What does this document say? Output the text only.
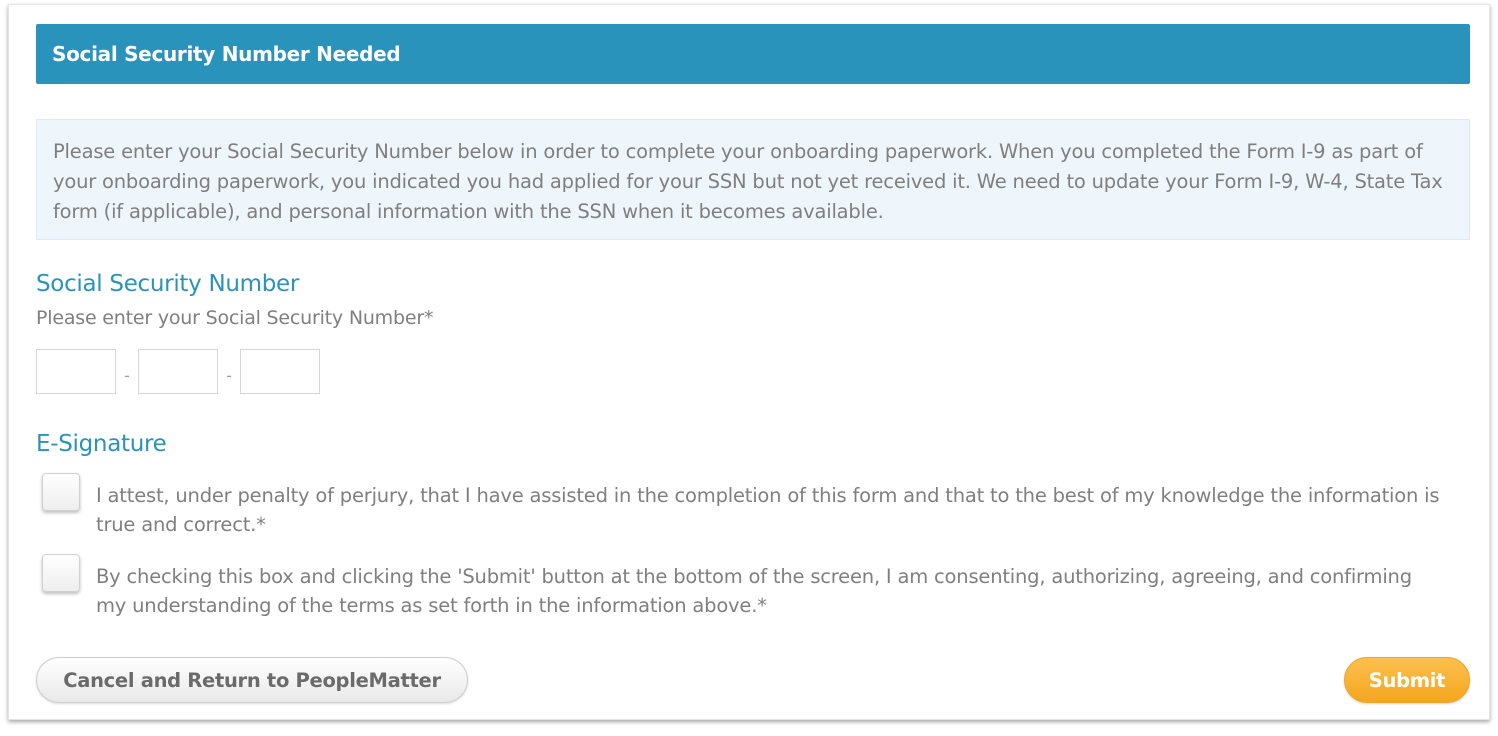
Social Security Number Needed
Please enter your Social Security Number below in order to complete your onboarding paperwork. When you completed the Form I-9 as part of your onboarding paperwork, you indicated you had applied for your SSN but not yet received it. We need to update your Form I-9, W-4, State Tax form (if applicable), and personal information with the SSN when it becomes available.
Social Security Number
Please enter your Social Security Number*
-	-
E-Signature
I attest, under penalty of perjury, that I have assisted in the completion of this form and that to the best of my knowledge the information is true and correct.*
By checking this box and clicking the 'Submit' button at the bottom of the screen, I am consenting, authorizing, agreeing, and confirming my understanding of the terms as set forth in the information above.*
Cancel and Return to PeopleMatter	Submit
